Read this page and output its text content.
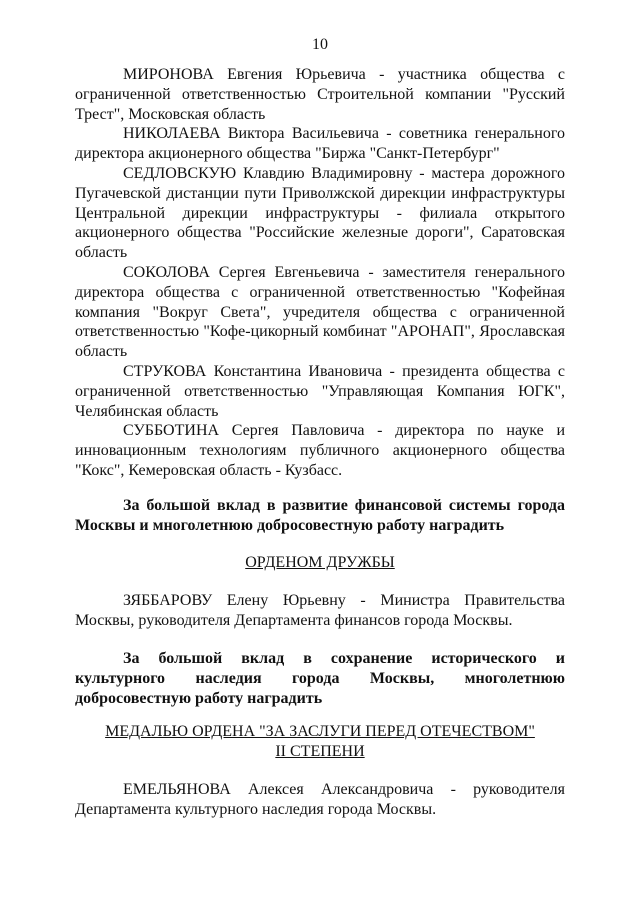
10

МИРОНОВА Евгения Юрьевича - участника общества с ограниченной ответственностью Строительной компании "Русский Трест", Московская область

НИКОЛАЕВА Виктора Васильевича - советника генерального директора акционерного общества "Биржа "Санкт-Петербург"

СЕДЛОВСКУЮ Клавдию Владимировну - мастера дорожного Пугачевской дистанции пути Приволжской дирекции инфраструктуры Центральной дирекции инфраструктуры - филиала открытого акционерного общества "Российские железные дороги", Саратовская область

СОКОЛОВА Сергея Евгеньевича - заместителя генерального директора общества с ограниченной ответственностью "Кофейная компания "Вокруг Света", учредителя общества с ограниченной ответственностью "Кофе-цикорный комбинат "АРОНАП", Ярославская область

СТРУКОВА Константина Ивановича - президента общества с ограниченной ответственностью "Управляющая Компания ЮГК", Челябинская область

СУББОТИНА Сергея Павловича - директора по науке и инновационным технологиям публичного акционерного общества "Кокс", Кемеровская область - Кузбасс.

За большой вклад в развитие финансовой системы города Москвы и многолетнюю добросовестную работу наградить

ОРДЕНОМ ДРУЖБЫ

ЗЯББАРОВУ Елену Юрьевну - Министра Правительства Москвы, руководителя Департамента финансов города Москвы.

За большой вклад в сохранение исторического и культурного наследия города Москвы, многолетнюю добросовестную работу наградить

МЕДАЛЬЮ ОРДЕНА "ЗА ЗАСЛУГИ ПЕРЕД ОТЕЧЕСТВОМ"

II СТЕПЕНИ

ЕМЕЛЬЯНОВА Алексея Александровича - руководителя Департамента культурного наследия города Москвы.
